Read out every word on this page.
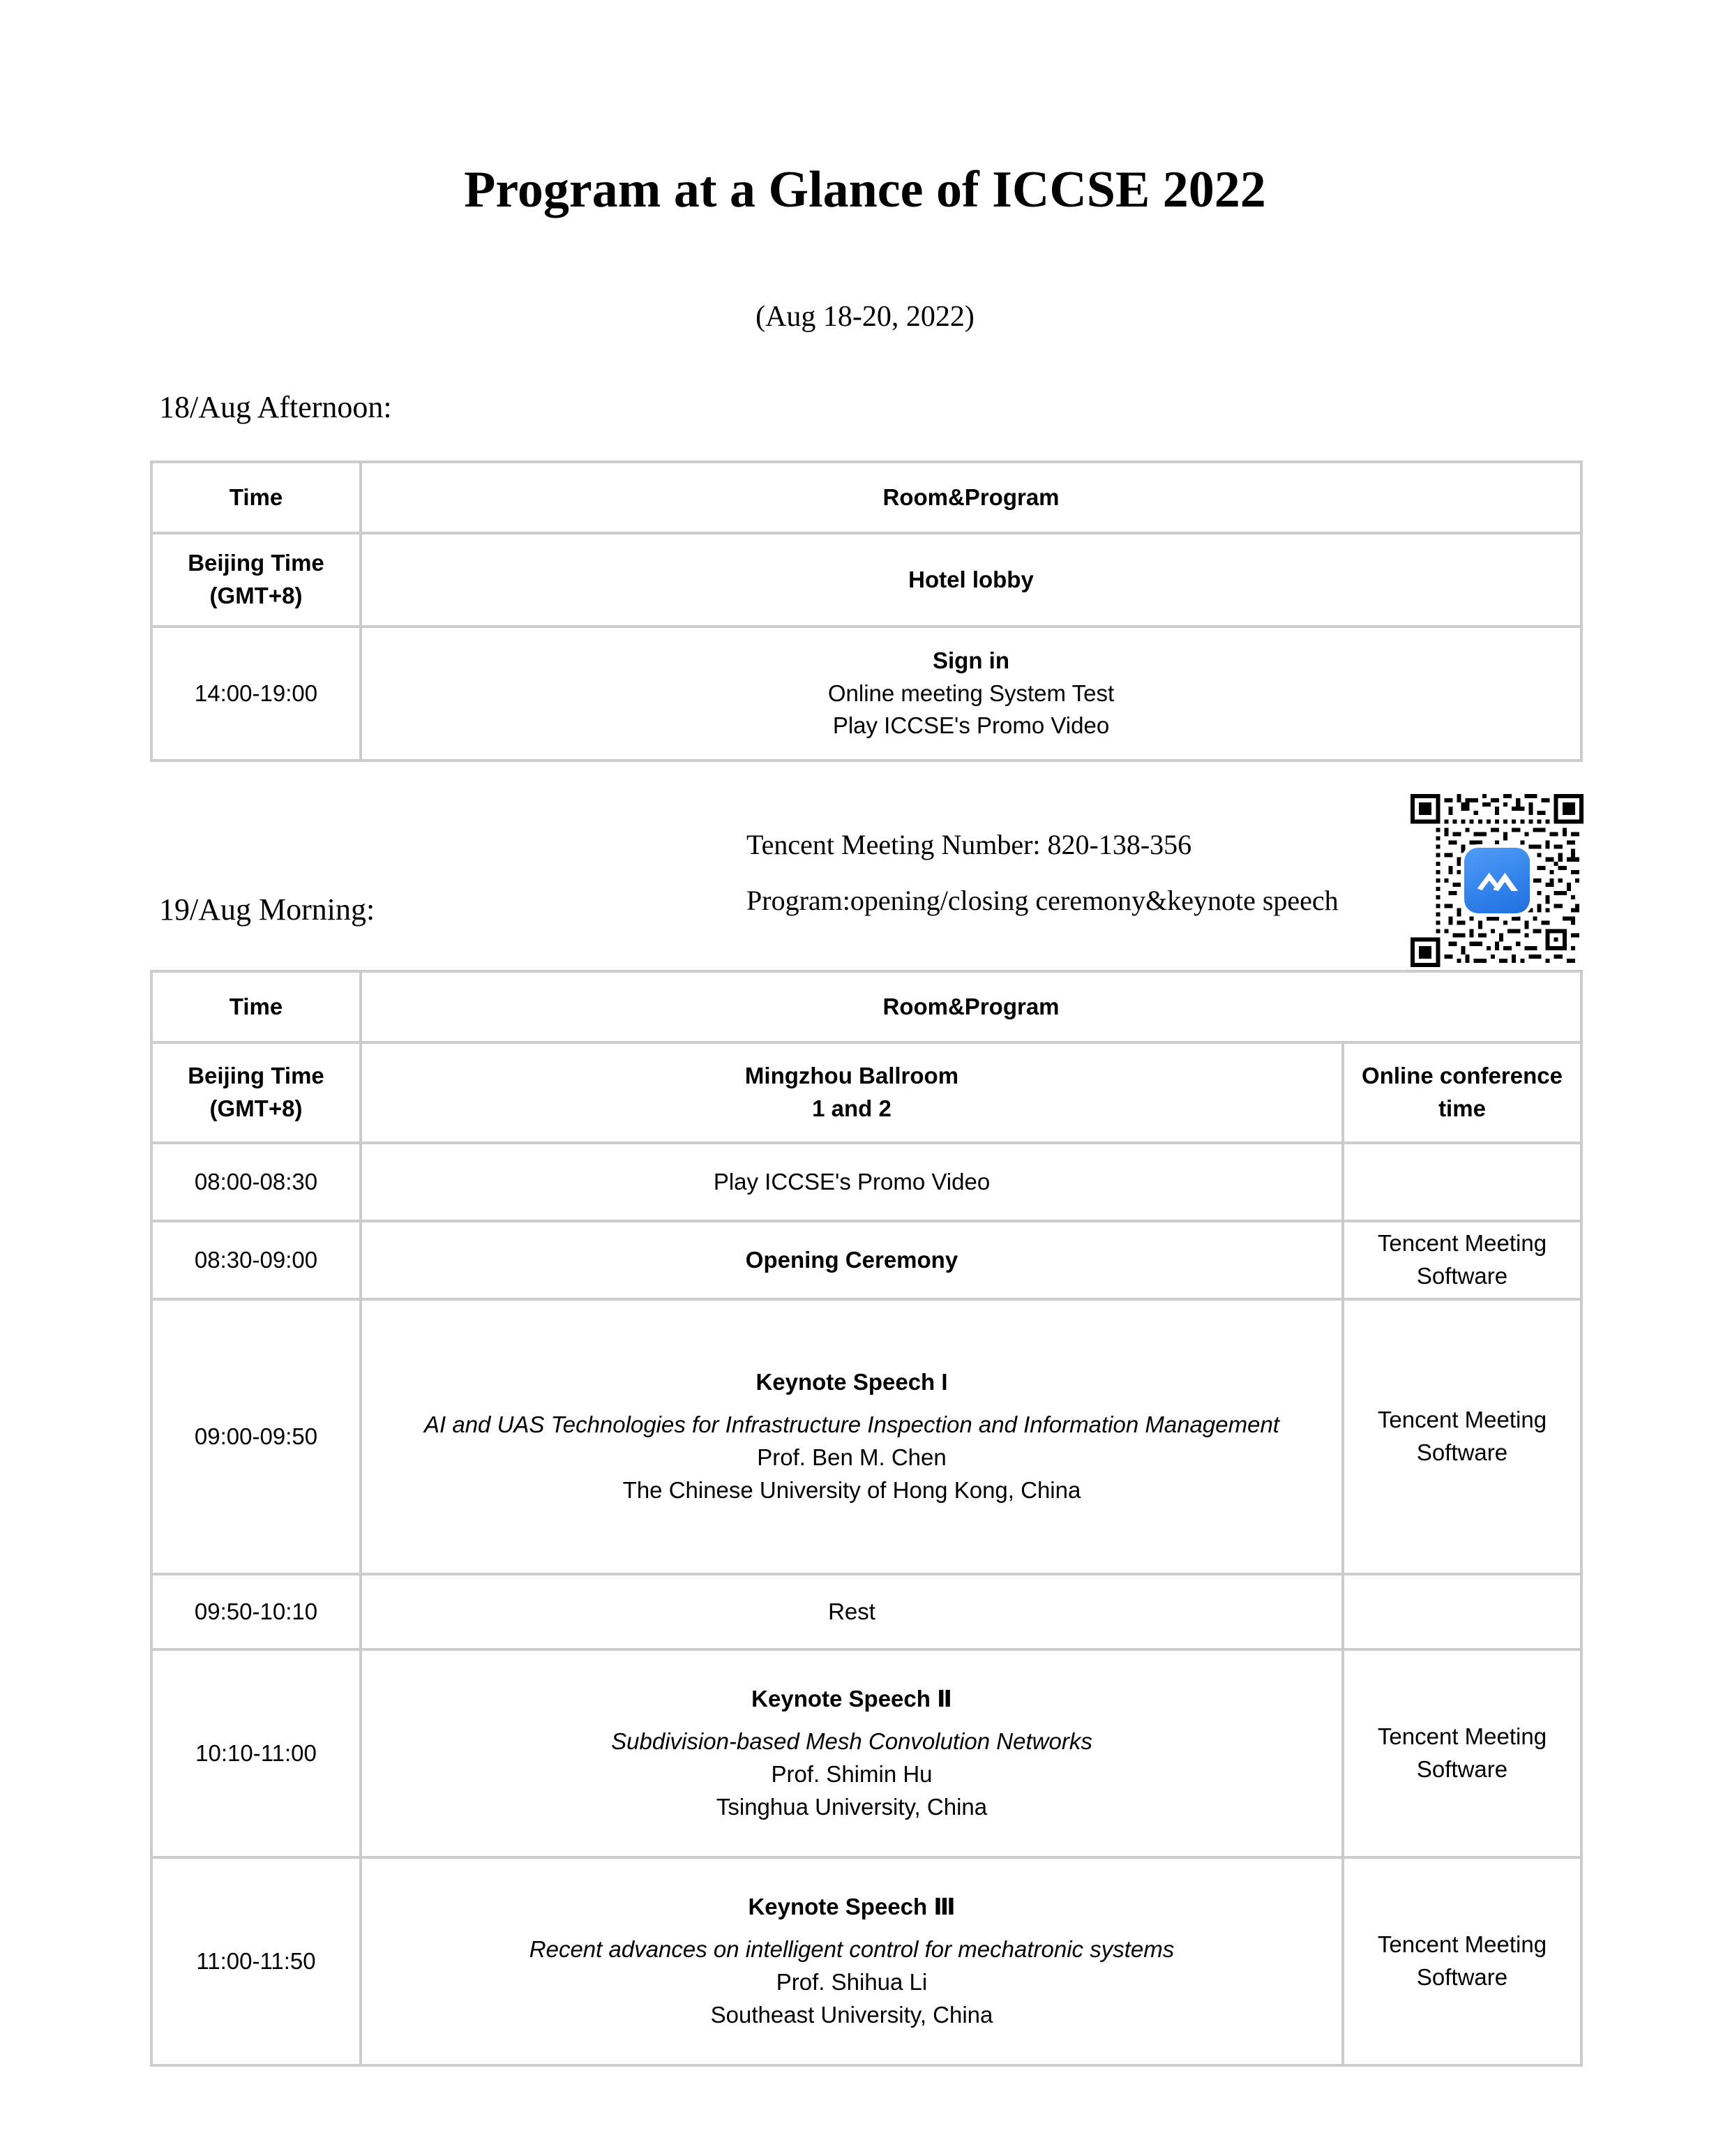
Program at a Glance of ICCSE 2022
(Aug 18-20, 2022)
18/Aug Afternoon:
Time	Room&Program

Beijing Time
(GMT+8)	Hotel lobby
14:00-19:00	Sign in
Online meeting System Test
Play ICCSE's Promo Video
Tencent Meeting Number: 820-138-356
Program:opening/closing ceremony&keynote speech
19/Aug Morning:
Time	Room&Program	

Beijing Time
(GMT+8)	Mingzhou Ballroom
1 and 2	Online conference
time

08:00-08:30	Play ICCSE's Promo Video	

08:30-09:00	Opening Ceremony	Tencent Meeting
Software

09:00-09:50	Keynote Speech I
AI and UAS Technologies for Infrastructure Inspection and Information Management
Prof. Ben M. Chen
The Chinese University of Hong Kong, China	Tencent Meeting
Software

09:50-10:10	Rest	

10:10-11:00	Keynote Speech Ⅱ
Subdivision-based Mesh Convolution Networks
Prof. Shimin Hu
Tsinghua University, China	Tencent Meeting
Software

11:00-11:50	Keynote Speech Ⅲ
Recent advances on intelligent control for mechatronic systems
Prof. Shihua Li
Southeast University, China	Tencent Meeting
Software
